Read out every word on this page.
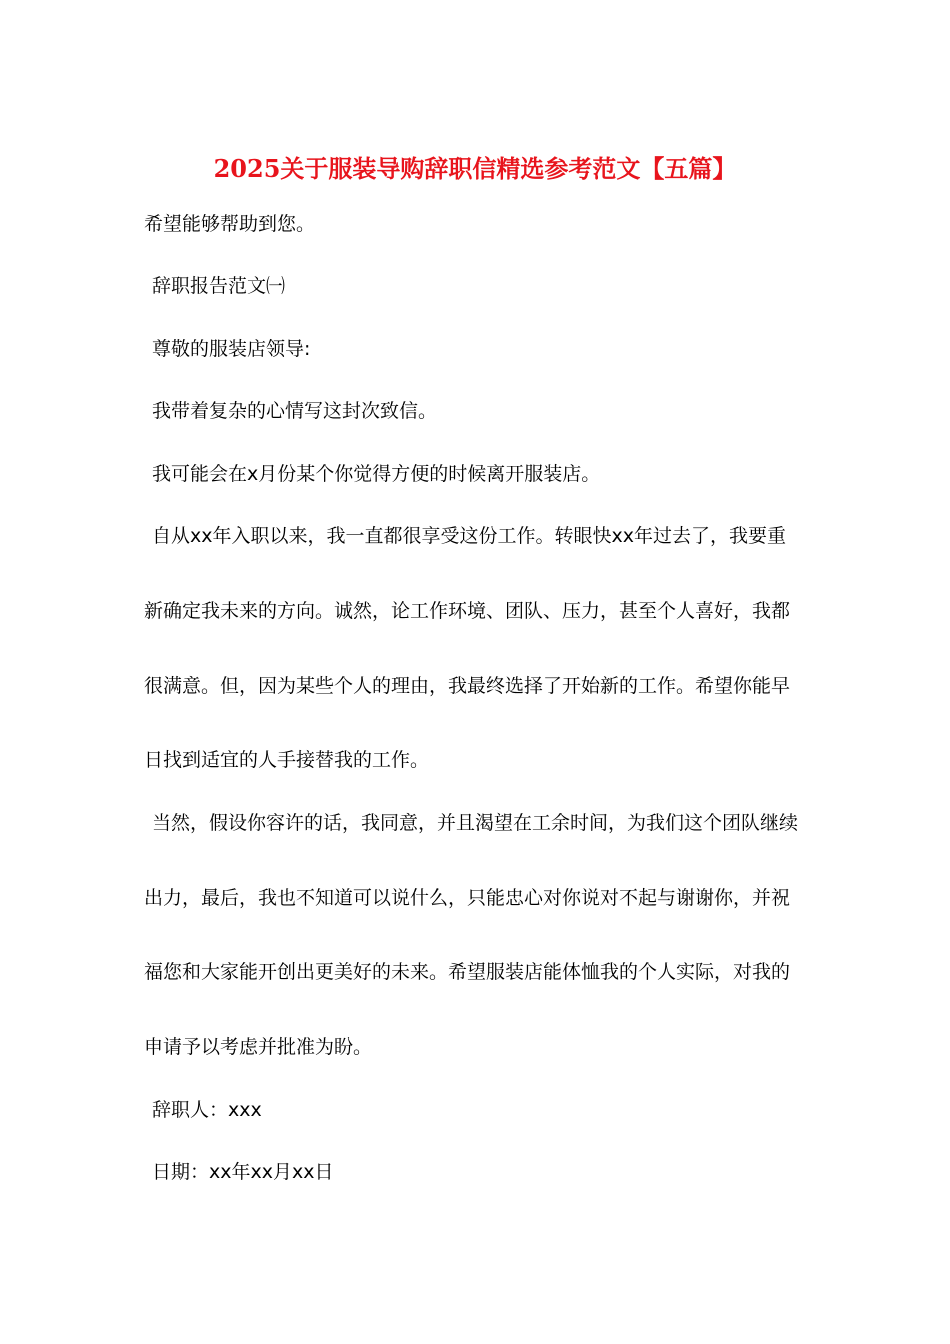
2025关于服装导购辞职信精选参考范文【五篇】
希望能够帮助到您。
辞职报告范文㈠
尊敬的服装店领导:
我带着复杂的心情写这封次致信。
我可能会在x月份某个你觉得方便的时候离开服装店。
自从xx年入职以来，我一直都很享受这份工作。转眼快xx年过去了，我要重
新确定我未来的方向。诚然，论工作环境、团队、压力，甚至个人喜好，我都
很满意。但，因为某些个人的理由，我最终选择了开始新的工作。希望你能早
日找到适宜的人手接替我的工作。
当然，假设你容许的话，我同意，并且渴望在工余时间，为我们这个团队继续
出力，最后，我也不知道可以说什么，只能忠心对你说对不起与谢谢你，并祝
福您和大家能开创出更美好的未来。希望服装店能体恤我的个人实际，对我的
申请予以考虑并批准为盼。
辞职人：xxx
日期：xx年xx月xx日
